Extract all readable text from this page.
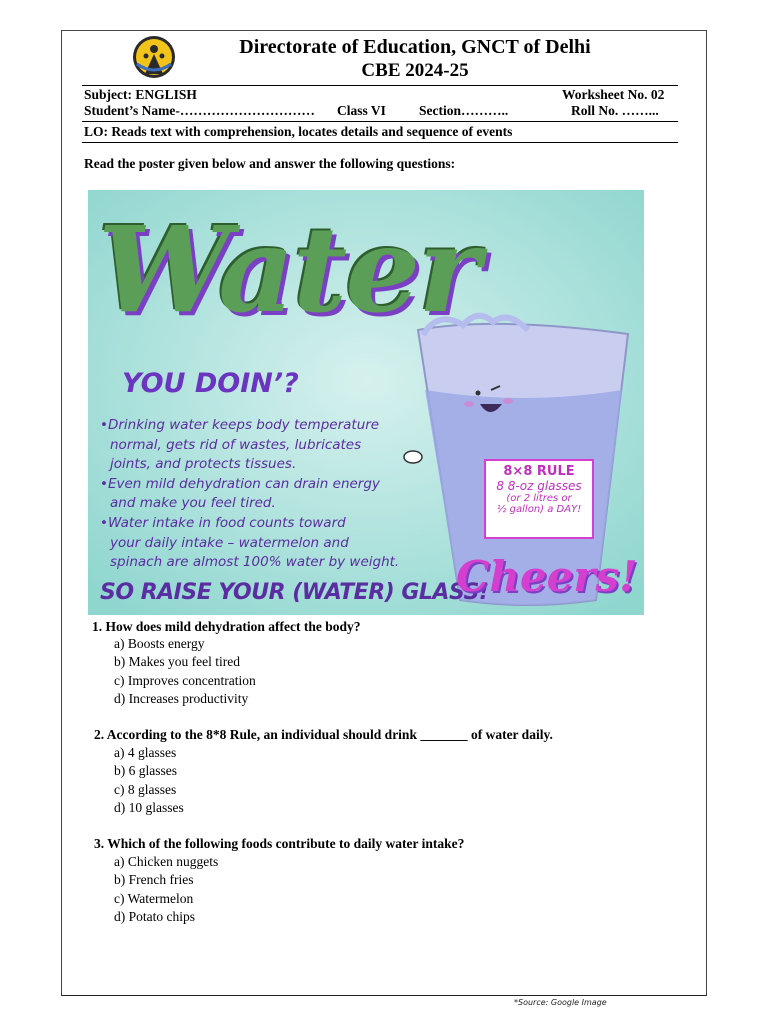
Directorate of Education, GNCT of Delhi
CBE 2024-25
Subject: ENGLISH	Worksheet No. 02
Student’s Name-………………………… Class VI Section………..	Roll No. ……...
LO: Reads text with comprehension, locates details and sequence of events
Read the poster given below and answer the following questions:
Water
YOU DOIN’?
•Drinking water keeps body temperature
normal, gets rid of wastes, lubricates
joints, and protects tissues.
•Even mild dehydration can drain energy
and make you feel tired.
•Water intake in food counts toward
your daily intake – watermelon and
spinach are almost 100% water by weight.
SO RAISE YOUR (WATER) GLASS!
Cheers!
8×8 RULE
8 8-oz glasses
(or 2 litres or
½ gallon) a DAY!
1. How does mild dehydration affect the body?
a) Boosts energy
b) Makes you feel tired
c) Improves concentration
d) Increases productivity
2. According to the 8*8 Rule, an individual should drink _______ of water daily.
a) 4 glasses
b) 6 glasses
c) 8 glasses
d) 10 glasses
3. Which of the following foods contribute to daily water intake?
a) Chicken nuggets
b) French fries
c) Watermelon
d) Potato chips
*Source: Google Image
